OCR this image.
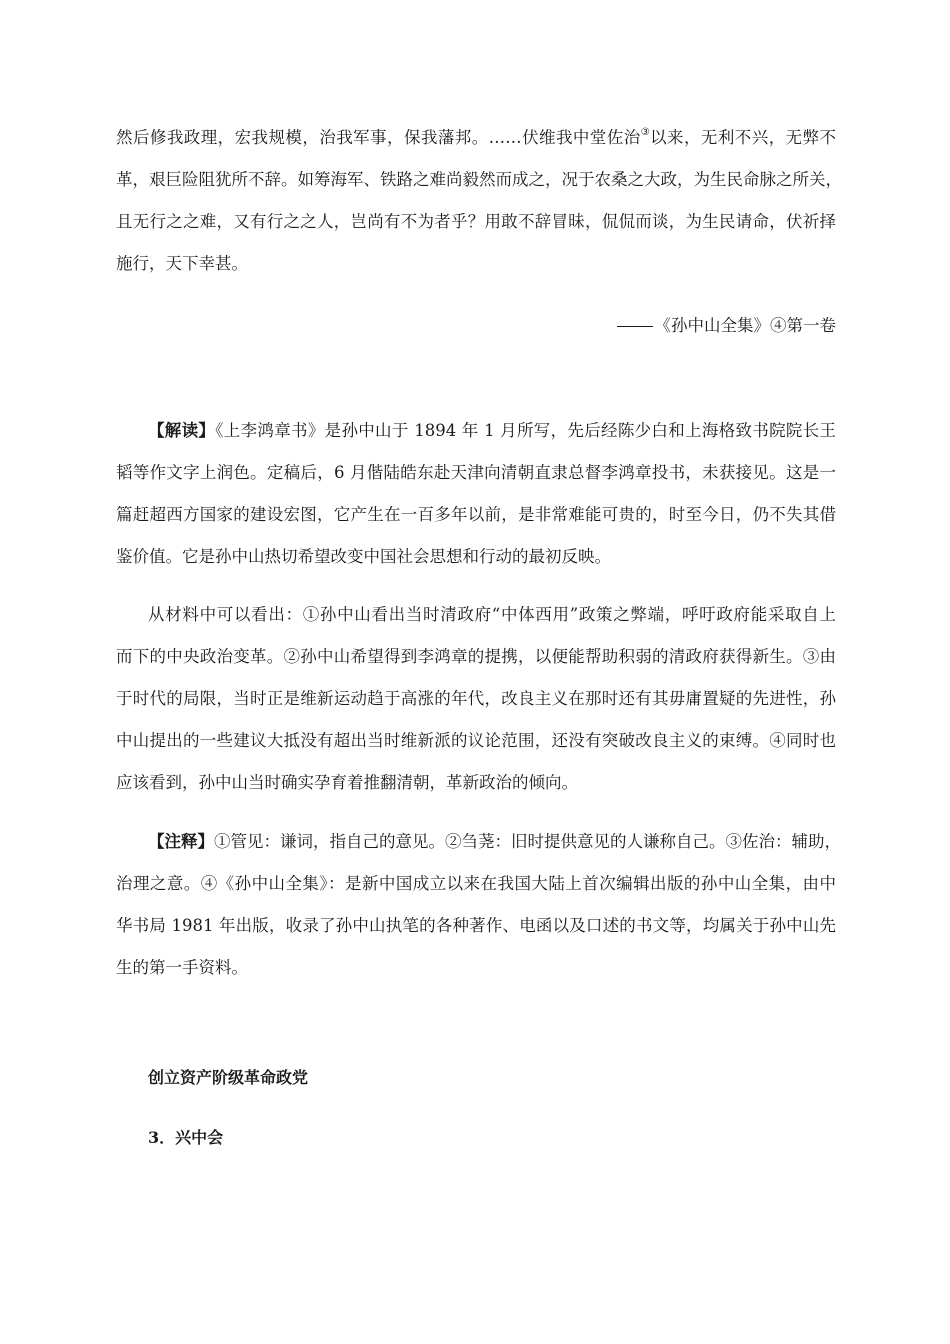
然后修我政理，宏我规模，治我军事，保我藩邦。……伏维我中堂佐治③以来，无利不兴，无弊不
革，艰巨险阻犹所不辞。如筹海军、铁路之难尚毅然而成之，况于农桑之大政，为生民命脉之所关，
且无行之之难，又有行之之人，岂尚有不为者乎？用敢不辞冒昧，侃侃而谈，为生民请命，伏祈择
施行，天下幸甚。
《孙中山全集》④第一卷
【解读】《上李鸿章书》是孙中山于 1894 年 1 月所写，先后经陈少白和上海格致书院院长王
韬等作文字上润色。定稿后，6 月偕陆皓东赴天津向清朝直隶总督李鸿章投书，未获接见。这是一
篇赶超西方国家的建设宏图，它产生在一百多年以前，是非常难能可贵的，时至今日，仍不失其借
鉴价值。它是孙中山热切希望改变中国社会思想和行动的最初反映。
从材料中可以看出：①孙中山看出当时清政府“中体西用”政策之弊端，呼吁政府能采取自上
而下的中央政治变革。②孙中山希望得到李鸿章的提携，以便能帮助积弱的清政府获得新生。③由
于时代的局限，当时正是维新运动趋于高涨的年代，改良主义在那时还有其毋庸置疑的先进性，孙
中山提出的一些建议大抵没有超出当时维新派的议论范围，还没有突破改良主义的束缚。④同时也
应该看到，孙中山当时确实孕育着推翻清朝，革新政治的倾向。
【注释】①管见：谦词，指自己的意见。②刍荛：旧时提供意见的人谦称自己。③佐治：辅助，
治理之意。④《孙中山全集》：是新中国成立以来在我国大陆上首次编辑出版的孙中山全集，由中
华书局 1981 年出版，收录了孙中山执笔的各种著作、电函以及口述的书文等，均属关于孙中山先
生的第一手资料。
创立资产阶级革命政党
3．兴中会
